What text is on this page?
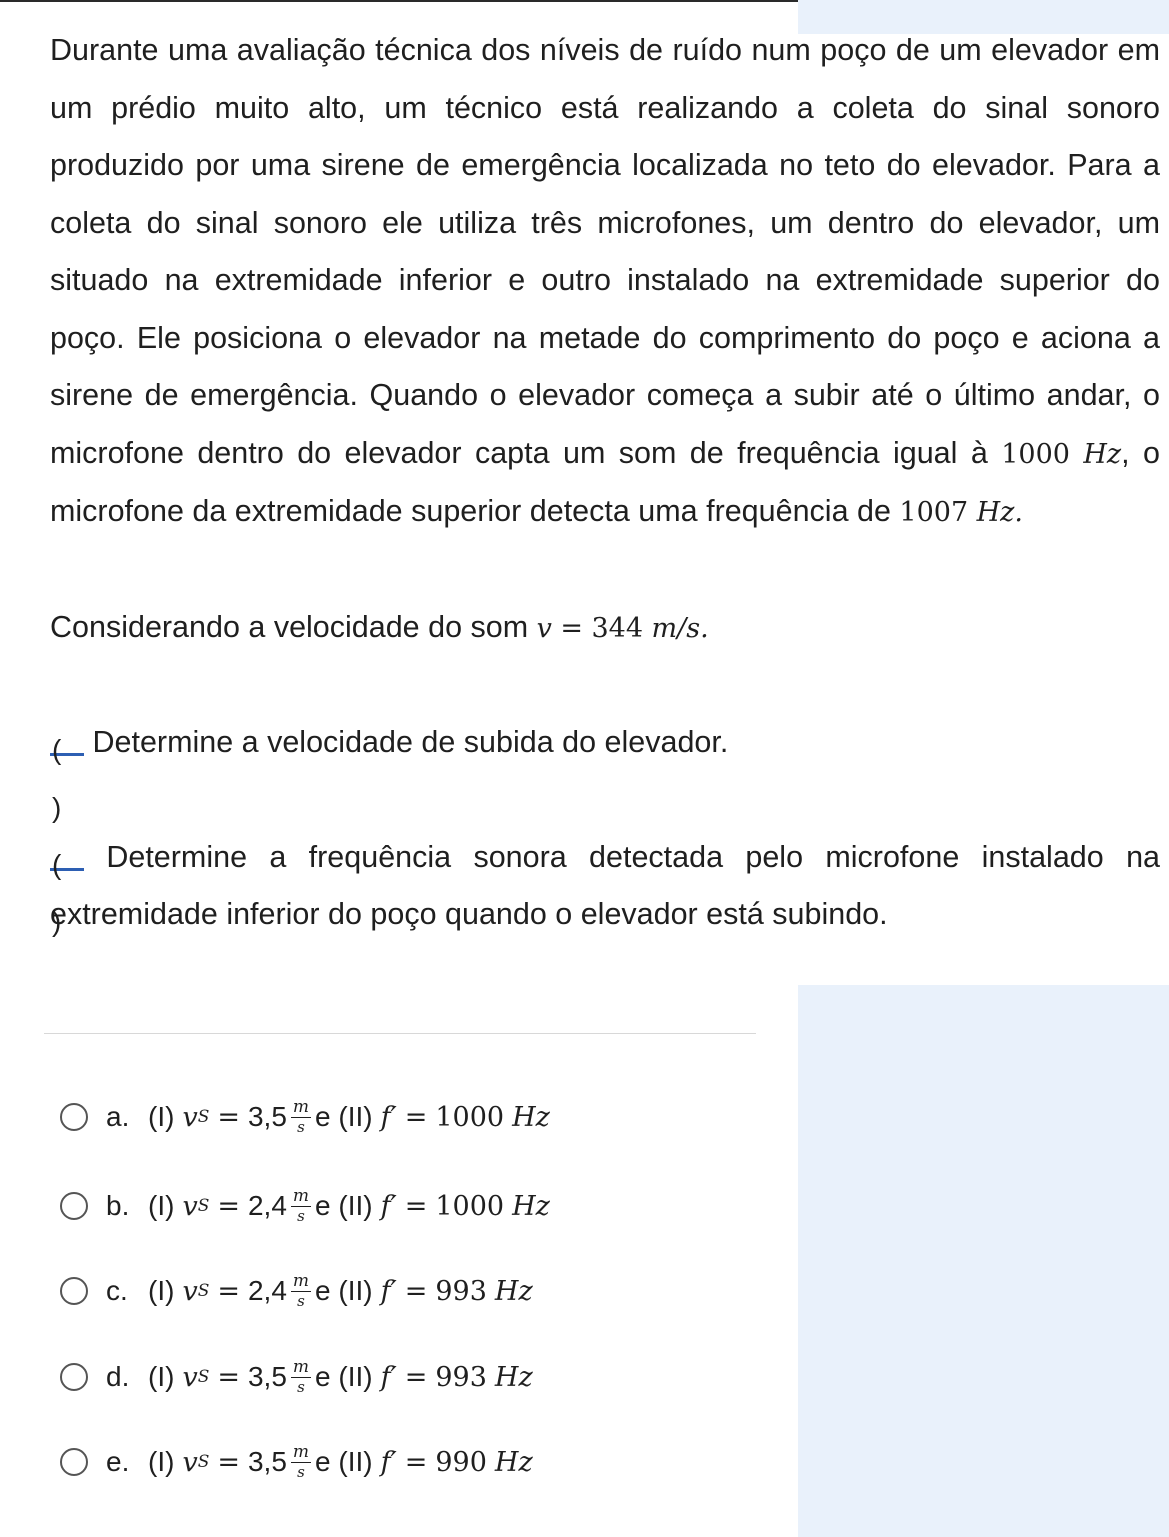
Durante uma avaliação técnica dos níveis de ruído num poço de um elevador em um prédio muito alto, um técnico está realizando a coleta do sinal sonoro produzido por uma sirene de emergência localizada no teto do elevador. Para a coleta do sinal sonoro ele utiliza três microfones, um dentro do elevador, um situado na extremidade inferior e outro instalado na extremidade superior do poço. Ele posiciona o elevador na metade do comprimento do poço e aciona a sirene de emergência. Quando o elevador começa a subir até o último andar, o microfone dentro do elevador capta um som de frequência igual à 1000 Hz, o microfone da extremidade superior detecta uma frequência de 1007 Hz.

Considerando a velocidade do som v = 344 m/s.

( ) Determine a velocidade de subida do elevador.

( ) Determine a frequência sonora detectada pelo microfone instalado na extremidade inferior do poço quando o elevador está subindo.

a. (I) v $S = 3,5 \frac{m}{s}$ e (II) f′ = 1000 Hz
b. (I) v $S = 2,4 \frac{m}{s}$ e (II) f′ = 1000 Hz
c. (I) v $S = 2,4 \frac{m}{s}$ e (II) f′ = 993 Hz
d. (I) v $S = 3,5 \frac{m}{s}$ e (II) f′ = 993 Hz
e. (I) v $S = 3,5 \frac{m}{s}$ e (II) f′ = 990 Hz
